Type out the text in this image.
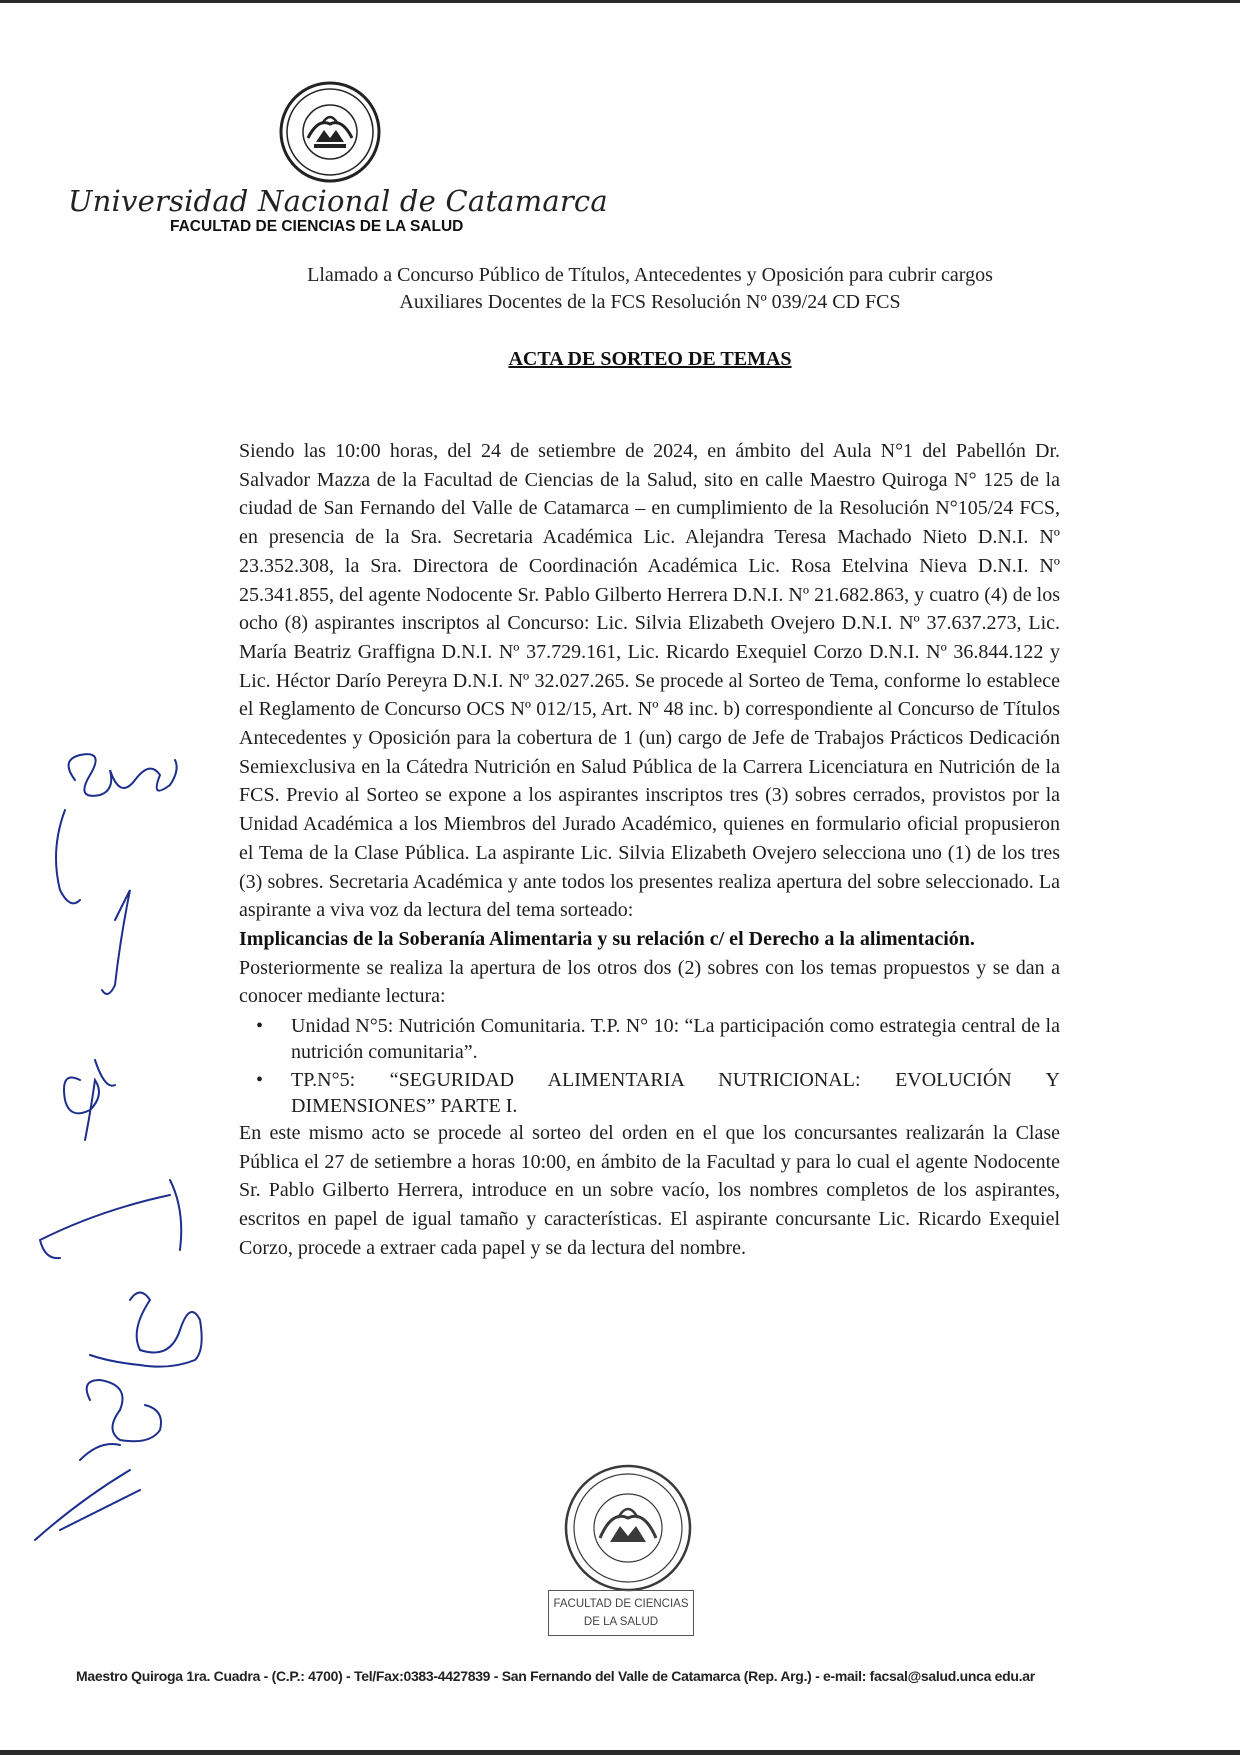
Universidad Nacional de Catamarca
FACULTAD DE CIENCIAS DE LA SALUD
Llamado a Concurso Público de Títulos, Antecedentes y Oposición para cubrir cargos
Auxiliares Docentes de la FCS Resolución Nº 039/24 CD FCS
ACTA DE SORTEO DE TEMAS

Siendo las 10:00 horas, del 24 de setiembre de 2024, en ámbito del Aula N°1 del Pabellón Dr. Salvador Mazza de la Facultad de Ciencias de la Salud, sito en calle Maestro Quiroga N° 125 de la ciudad de San Fernando del Valle de Catamarca – en cumplimiento de la Resolución N°105/24 FCS, en presencia de la Sra. Secretaria Académica Lic. Alejandra Teresa Machado Nieto D.N.I. Nº 23.352.308, la Sra. Directora de Coordinación Académica Lic. Rosa Etelvina Nieva D.N.I. Nº 25.341.855, del agente Nodocente Sr. Pablo Gilberto Herrera D.N.I. Nº 21.682.863, y cuatro (4) de los ocho (8) aspirantes inscriptos al Concurso: Lic. Silvia Elizabeth Ovejero D.N.I. Nº 37.637.273, Lic. María Beatriz Graffigna D.N.I. Nº 37.729.161, Lic. Ricardo Exequiel Corzo D.N.I. Nº 36.844.122 y Lic. Héctor Darío Pereyra D.N.I. Nº 32.027.265. Se procede al Sorteo de Tema, conforme lo establece el Reglamento de Concurso OCS Nº 012/15, Art. Nº 48 inc. b) correspondiente al Concurso de Títulos Antecedentes y Oposición para la cobertura de 1 (un) cargo de Jefe de Trabajos Prácticos Dedicación Semiexclusiva en la Cátedra Nutrición en Salud Pública de la Carrera Licenciatura en Nutrición de la FCS. Previo al Sorteo se expone a los aspirantes inscriptos tres (3) sobres cerrados, provistos por la Unidad Académica a los Miembros del Jurado Académico, quienes en formulario oficial propusieron el Tema de la Clase Pública. La aspirante Lic. Silvia Elizabeth Ovejero selecciona uno (1) de los tres (3) sobres. Secretaria Académica y ante todos los presentes realiza apertura del sobre seleccionado. La aspirante a viva voz da lectura del tema sorteado:

Implicancias de la Soberanía Alimentaria y su relación c/ el Derecho a la alimentación.

Posteriormente se realiza la apertura de los otros dos (2) sobres con los temas propuestos y se dan a conocer mediante lectura:

• Unidad N°5: Nutrición Comunitaria. T.P. N° 10: “La participación como estrategia central de la nutrición comunitaria”.
• TP.N°5: “SEGURIDAD ALIMENTARIA NUTRICIONAL: EVOLUCIÓN Y DIMENSIONES” PARTE I.

En este mismo acto se procede al sorteo del orden en el que los concursantes realizarán la Clase Pública el 27 de setiembre a horas 10:00, en ámbito de la Facultad y para lo cual el agente Nodocente Sr. Pablo Gilberto Herrera, introduce en un sobre vacío, los nombres completos de los aspirantes, escritos en papel de igual tamaño y características. El aspirante concursante Lic. Ricardo Exequiel Corzo, procede a extraer cada papel y se da lectura del nombre.

FACULTAD DE CIENCIAS
DE LA SALUD
Maestro Quiroga 1ra. Cuadra - (C.P.: 4700) - Tel/Fax:0383-4427839 - San Fernando del Valle de Catamarca (Rep. Arg.) - e-mail: facsal@salud.unca edu.ar
